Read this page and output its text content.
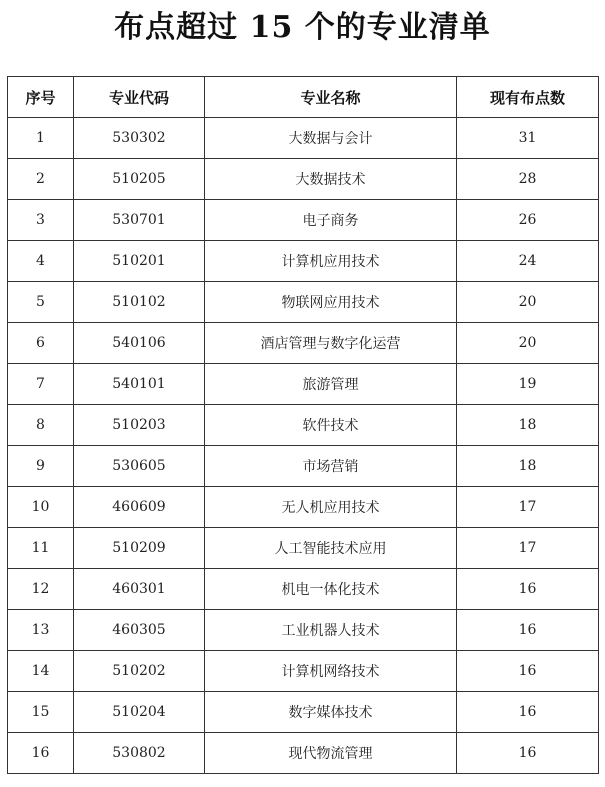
布点超过 15 个的专业清单
序号	专业代码	专业名称	现有布点数
1	530302	大数据与会计	31
2	510205	大数据技术	28
3	530701	电子商务	26
4	510201	计算机应用技术	24
5	510102	物联网应用技术	20
6	540106	酒店管理与数字化运营	20
7	540101	旅游管理	19
8	510203	软件技术	18
9	530605	市场营销	18
10	460609	无人机应用技术	17
11	510209	人工智能技术应用	17
12	460301	机电一体化技术	16
13	460305	工业机器人技术	16
14	510202	计算机网络技术	16
15	510204	数字媒体技术	16
16	530802	现代物流管理	16
